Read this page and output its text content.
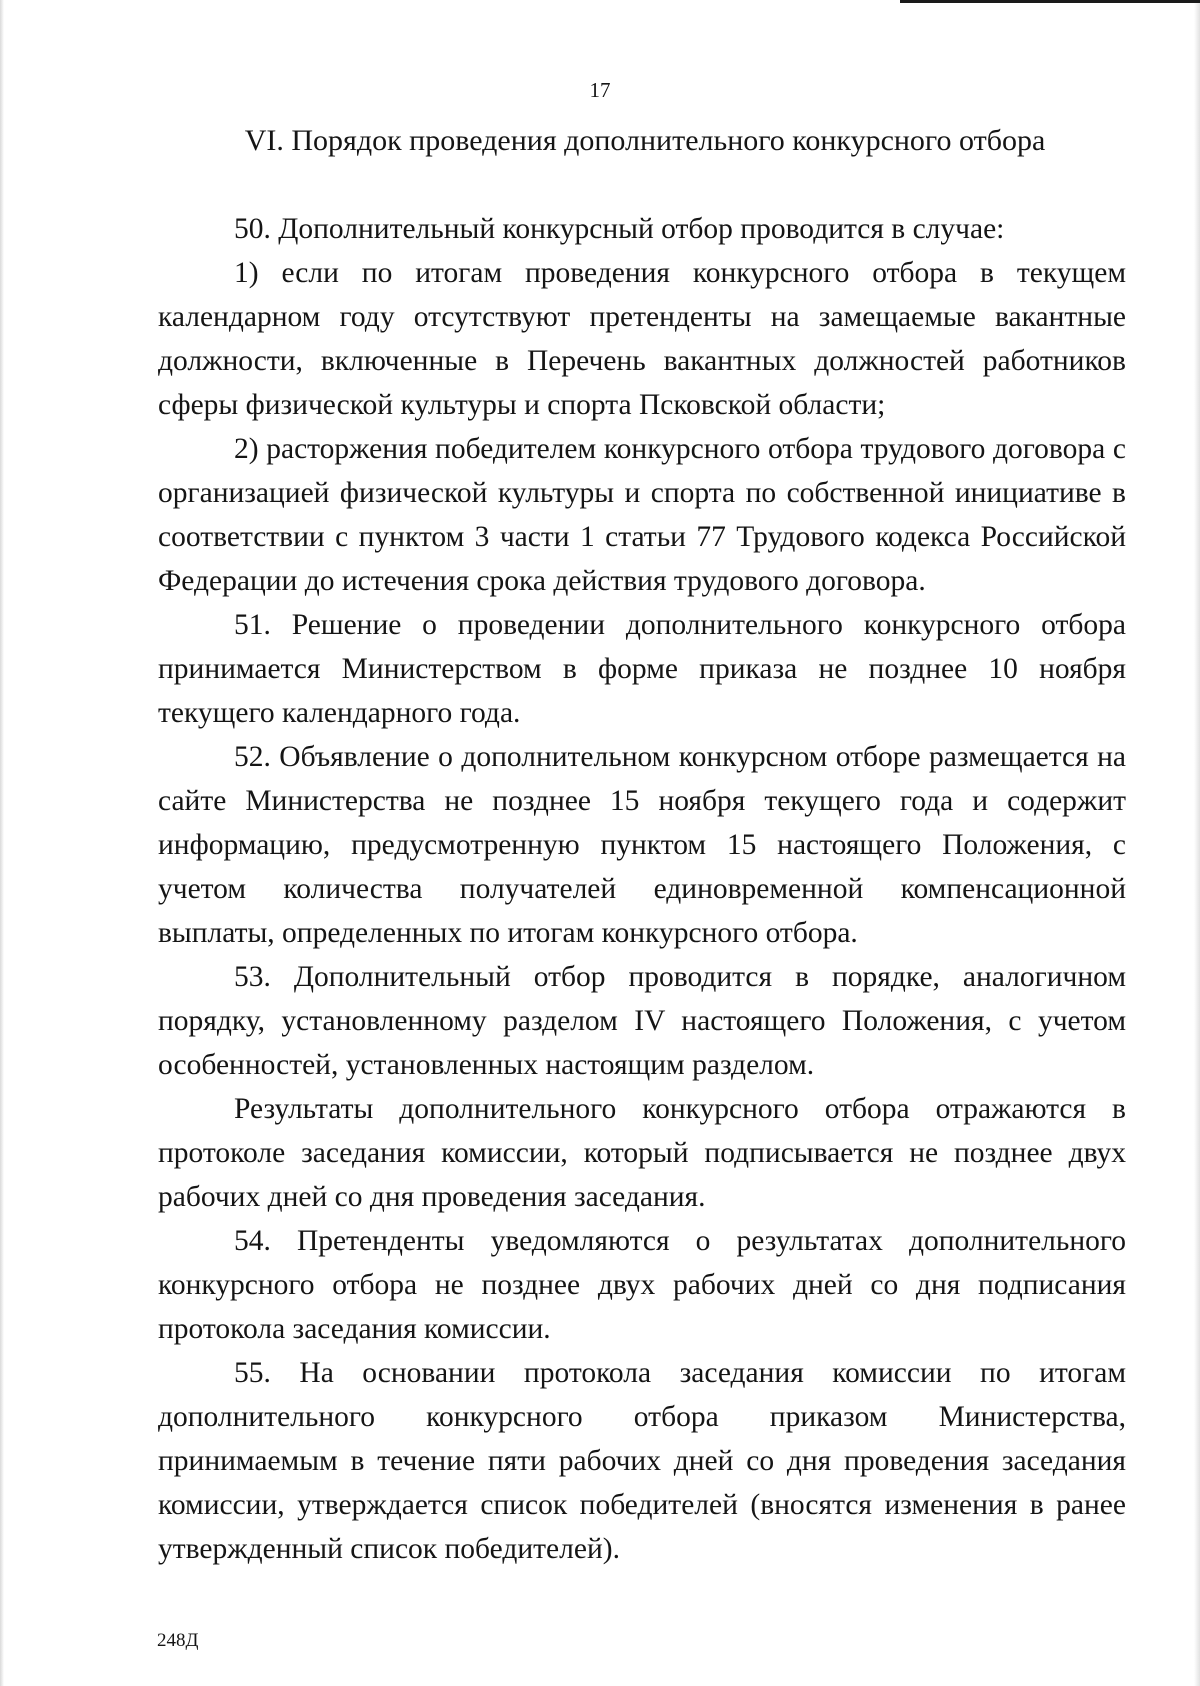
17
VI. Порядок проведения дополнительного конкурсного отбора

50. Дополнительный конкурсный отбор проводится в случае:

1) если по итогам проведения конкурсного отбора в текущем календарном году отсутствуют претенденты на замещаемые вакантные должности, включенные в Перечень вакантных должностей работников сферы физической культуры и спорта Псковской области;

2) расторжения победителем конкурсного отбора трудового договора с организацией физической культуры и спорта по собственной инициативе в соответствии с пунктом 3 части 1 статьи 77 Трудового кодекса Российской Федерации до истечения срока действия трудового договора.

51. Решение о проведении дополнительного конкурсного отбора принимается Министерством в форме приказа не позднее 10 ноября текущего календарного года.

52. Объявление о дополнительном конкурсном отборе размещается на сайте Министерства не позднее 15 ноября текущего года и содержит информацию, предусмотренную пунктом 15 настоящего Положения, с учетом количества получателей единовременной компенсационной выплаты, определенных по итогам конкурсного отбора.

53. Дополнительный отбор проводится в порядке, аналогичном порядку, установленному разделом IV настоящего Положения, с учетом особенностей, установленных настоящим разделом.

Результаты дополнительного конкурсного отбора отражаются в протоколе заседания комиссии, который подписывается не позднее двух рабочих дней со дня проведения заседания.

54. Претенденты уведомляются о результатах дополнительного конкурсного отбора не позднее двух рабочих дней со дня подписания протокола заседания комиссии.

55. На основании протокола заседания комиссии по итогам дополнительного конкурсного отбора приказом Министерства, принимаемым в течение пяти рабочих дней со дня проведения заседания комиссии, утверждается список победителей (вносятся изменения в ранее утвержденный список победителей).

248Д
